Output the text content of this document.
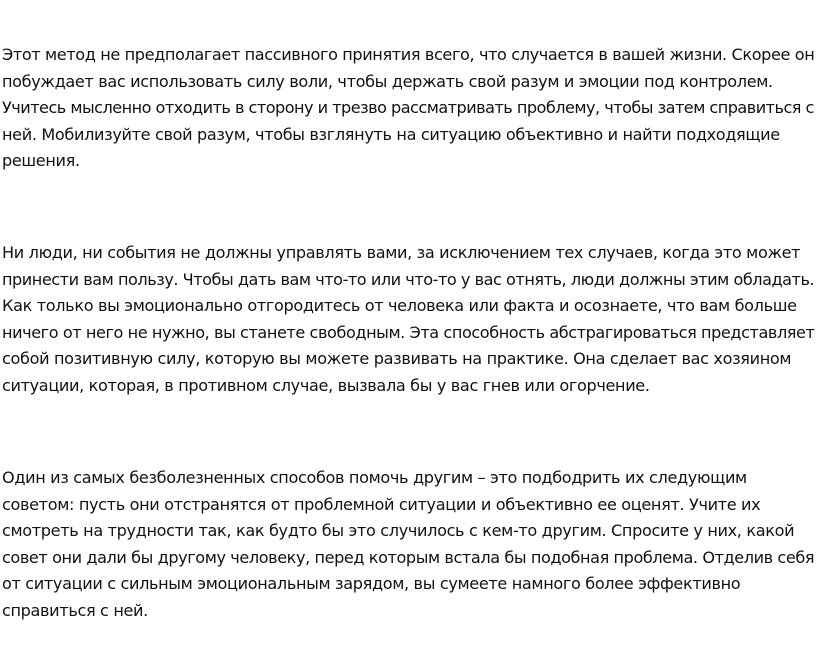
Этот метод не предполагает пассивного принятия всего, что случается в вашей жизни. Скорее он
побуждает вас использовать силу воли, чтобы держать свой разум и эмоции под контролем.
Учитесь мысленно отходить в сторону и трезво рассматривать проблему, чтобы затем справиться с
ней. Мобилизуйте свой разум, чтобы взглянуть на ситуацию объективно и найти подходящие
решения.

Ни люди, ни события не должны управлять вами, за исключением тех случаев, когда это может
принести вам пользу. Чтобы дать вам что-то или что-то у вас отнять, люди должны этим обладать.
Как только вы эмоционально отгородитесь от человека или факта и осознаете, что вам больше
ничего от него не нужно, вы станете свободным. Эта способность абстрагироваться представляет
собой позитивную силу, которую вы можете развивать на практике. Она сделает вас хозяином
ситуации, которая, в противном случае, вызвала бы у вас гнев или огорчение.

Один из самых безболезненных способов помочь другим – это подбодрить их следующим
советом: пусть они отстранятся от проблемной ситуации и объективно ее оценят. Учите их
смотреть на трудности так, как будто бы это случилось с кем-то другим. Спросите у них, какой
совет они дали бы другому человеку, перед которым встала бы подобная проблема. Отделив себя
от ситуации с сильным эмоциональным зарядом, вы сумеете намного более эффективно
справиться с ней.
